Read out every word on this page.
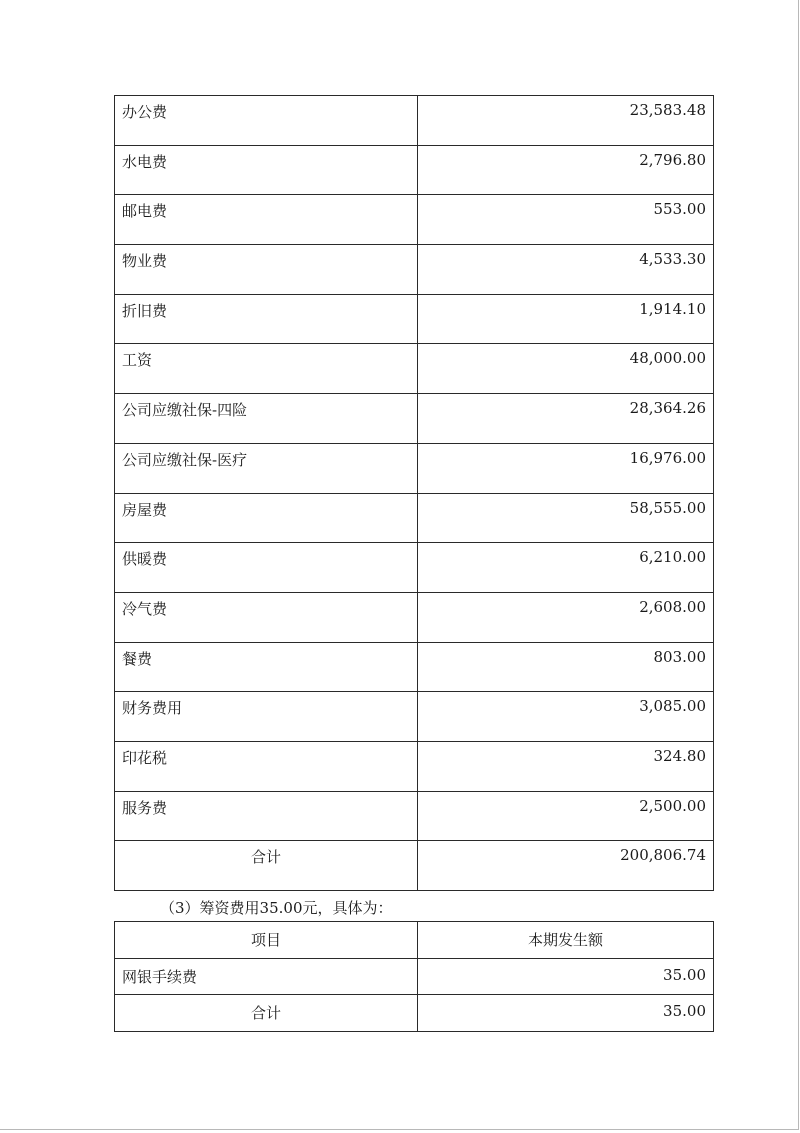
办公费	23,583.48
水电费	2,796.80
邮电费	553.00
物业费	4,533.30
折旧费	1,914.10
工资	48,000.00
公司应缴社保-四险	28,364.26
公司应缴社保-医疗	16,976.00
房屋费	58,555.00
供暖费	6,210.00
冷气费	2,608.00
餐费	803.00
财务费用	3,085.00
印花税	324.80
服务费	2,500.00
合计	200,806.74
（3）筹资费用35.00元，具体为：
项目	本期发生额
网银手续费	35.00
合计	35.00
